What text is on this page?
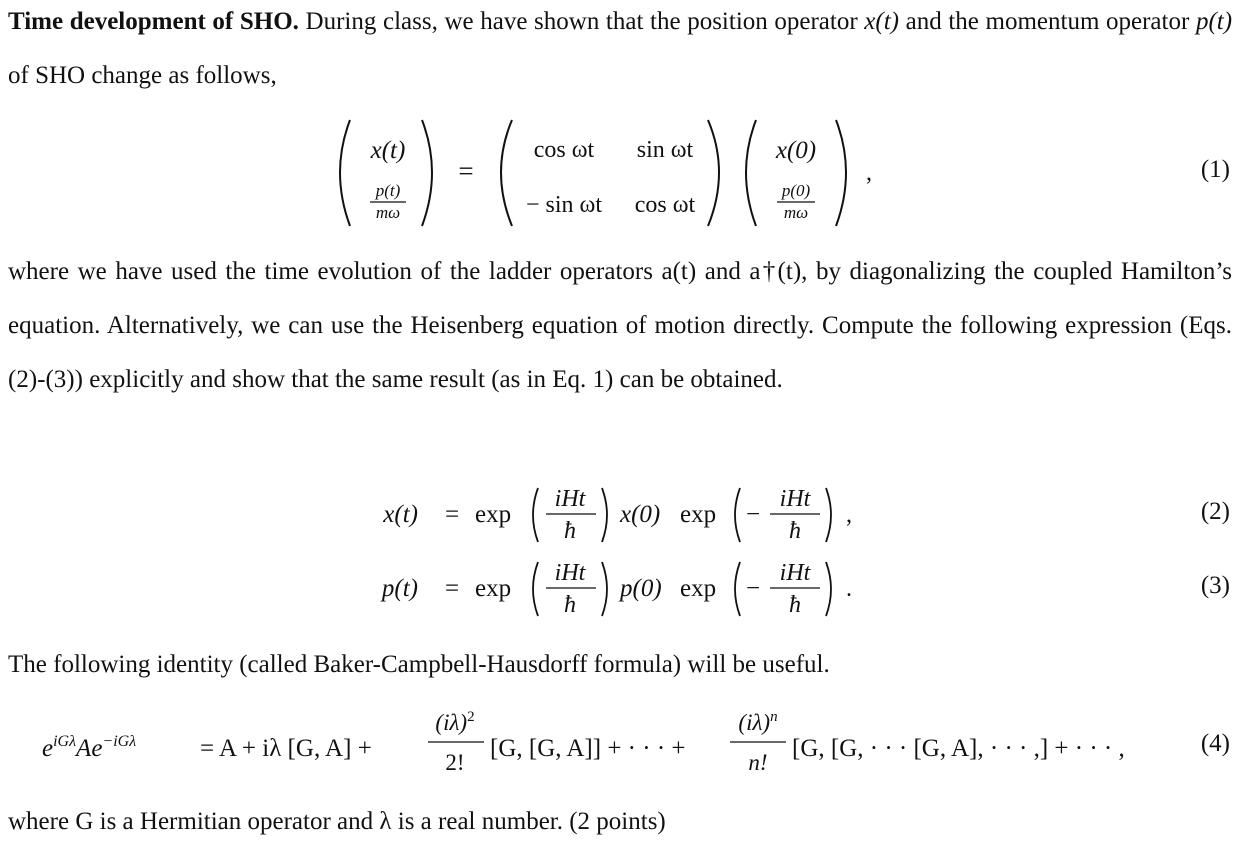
Time development of SHO. During class, we have shown that the position operator x(t) and the momentum operator p(t) of SHO change as follows,
x(t)
p(t)
mω
=
cos ωt sin ωt
− sin ωt cos ωt
x(0)
p(0)
mω
,	(1)
where we have used the time evolution of the ladder operators a(t) and a†(t), by diagonalizing the coupled Hamilton’s equation. Alternatively, we can use the Heisenberg equation of motion directly. Compute the following expression (Eqs. (2)-(3)) explicitly and show that the same result (as in Eq. 1) can be obtained.
x(t) = exp
iHt
ħ
x(0) exp −
iHt
ħ
,	(2)
p(t) = exp
iHt
ħ
p(0) exp −
iHt
ħ
.	(3)
The following identity (called Baker-Campbell-Hausdorff formula) will be useful.
$e^{iG\lambda}Ae^{-iG\lambda}$	= A + iλ [G, A] +
$(i\lambda)^2$
2!
[G, [G, A]] + · · · +
$(i\lambda)^n$
n!
[G, [G, · · · [G, A], · · · ,] + · · · ,	(4)
where G is a Hermitian operator and λ is a real number. (2 points)
